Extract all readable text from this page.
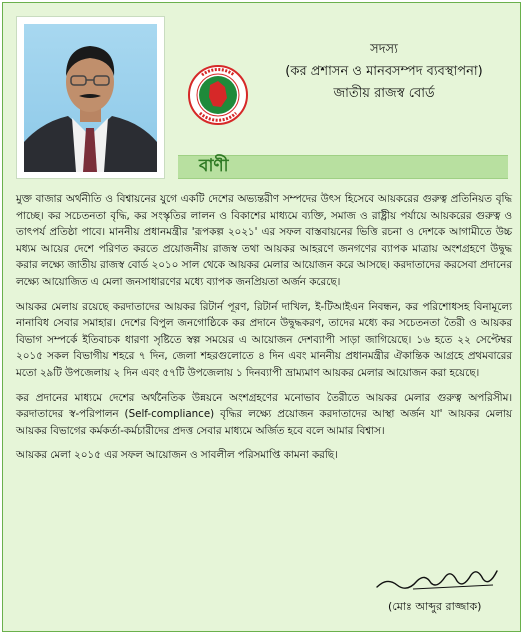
সদস্য
(কর প্রশাসন ও মানবসম্পদ ব্যবস্থাপনা)
জাতীয় রাজস্ব বোর্ড
বাণী

মুক্ত বাজার অর্থনীতি ও বিশ্বায়নের যুগে একটি দেশের অভ্যন্তরীণ সম্পদের উৎস হিসেবে আয়করের গুরুত্ব প্রতিনিয়ত বৃদ্ধি পাচ্ছে। কর সচেতনতা বৃদ্ধি, কর সংস্কৃতির লালন ও বিকাশের মাধ্যমে ব্যক্তি, সমাজ ও রাষ্ট্রীয় পর্যায়ে আয়করের গুরুত্ব ও তাৎপর্য প্রতিষ্ঠা পাবে। মাননীয় প্রধানমন্ত্রীর 'রূপকল্প ২০২১' এর সফল বাস্তবায়নের ভিত্তি রচনা ও দেশকে আগামীতে উচ্চ মধ্যম আয়ের দেশে পরিণত করতে প্রয়োজনীয় রাজস্ব তথা আয়কর আহরণে জনগণের ব্যাপক মাত্রায় অংশগ্রহণে উদ্বুদ্ধ করার লক্ষ্যে জাতীয় রাজস্ব বোর্ড ২০১০ সাল থেকে আয়কর মেলার আয়োজন করে আসছে। করদাতাদের করসেবা প্রদানের লক্ষ্যে আয়োজিত এ মেলা জনসাধারণের মধ্যে ব্যাপক জনপ্রিয়তা অর্জন করেছে।

আয়কর মেলায় রয়েছে করদাতাদের আয়কর রিটার্ন পূরণ, রিটার্ন দাখিল, ই-টিআইএন নিবন্ধন, কর পরিশোধসহ বিনামূল্যে নানাবিধ সেবার সমাহার। দেশের বিপুল জনগোষ্ঠিকে কর প্রদানে উদ্বুদ্ধকরণ, তাদের মধ্যে কর সচেতনতা তৈরী ও আয়কর বিভাগ সম্পর্কে ইতিবাচক ধারণা সৃষ্টিতে স্বল্প সময়ের এ আয়োজন দেশব্যাপী সাড়া জাগিয়েছে। ১৬ হতে ২২ সেপ্টেম্বর ২০১৫ সকল বিভাগীয় শহরে ৭ দিন, জেলা শহরগুলোতে ৪ দিন এবং মাননীয় প্রধানমন্ত্রীর ঐকান্তিক আগ্রহে প্রথমবারের মতো ২৯টি উপজেলায় ২ দিন এবং ৫৭টি উপজেলায় ১ দিনব্যাপী ভ্রাম্যমাণ আয়কর মেলার আয়োজন করা হয়েছে।

কর প্রদানের মাধ্যমে দেশের অর্থনৈতিক উন্নয়নে অংশগ্রহণের মনোভাব তৈরীতে আয়কর মেলার গুরুত্ব অপরিসীম। করদাতাদের স্ব-পরিপালন (Self-compliance) বৃদ্ধির লক্ষ্যে প্রয়োজন করদাতাদের আস্থা অর্জন যা' আয়কর মেলায় আয়কর বিভাগের কর্মকর্তা-কর্মচারীদের প্রদত্ত সেবার মাধ্যমে অর্জিত হবে বলে আমার বিশ্বাস।

আয়কর মেলা ২০১৫ এর সফল আয়োজন ও সাবলীল পরিসমাপ্তি কামনা করছি।

(মোঃ আব্দুর রাজ্জাক)
